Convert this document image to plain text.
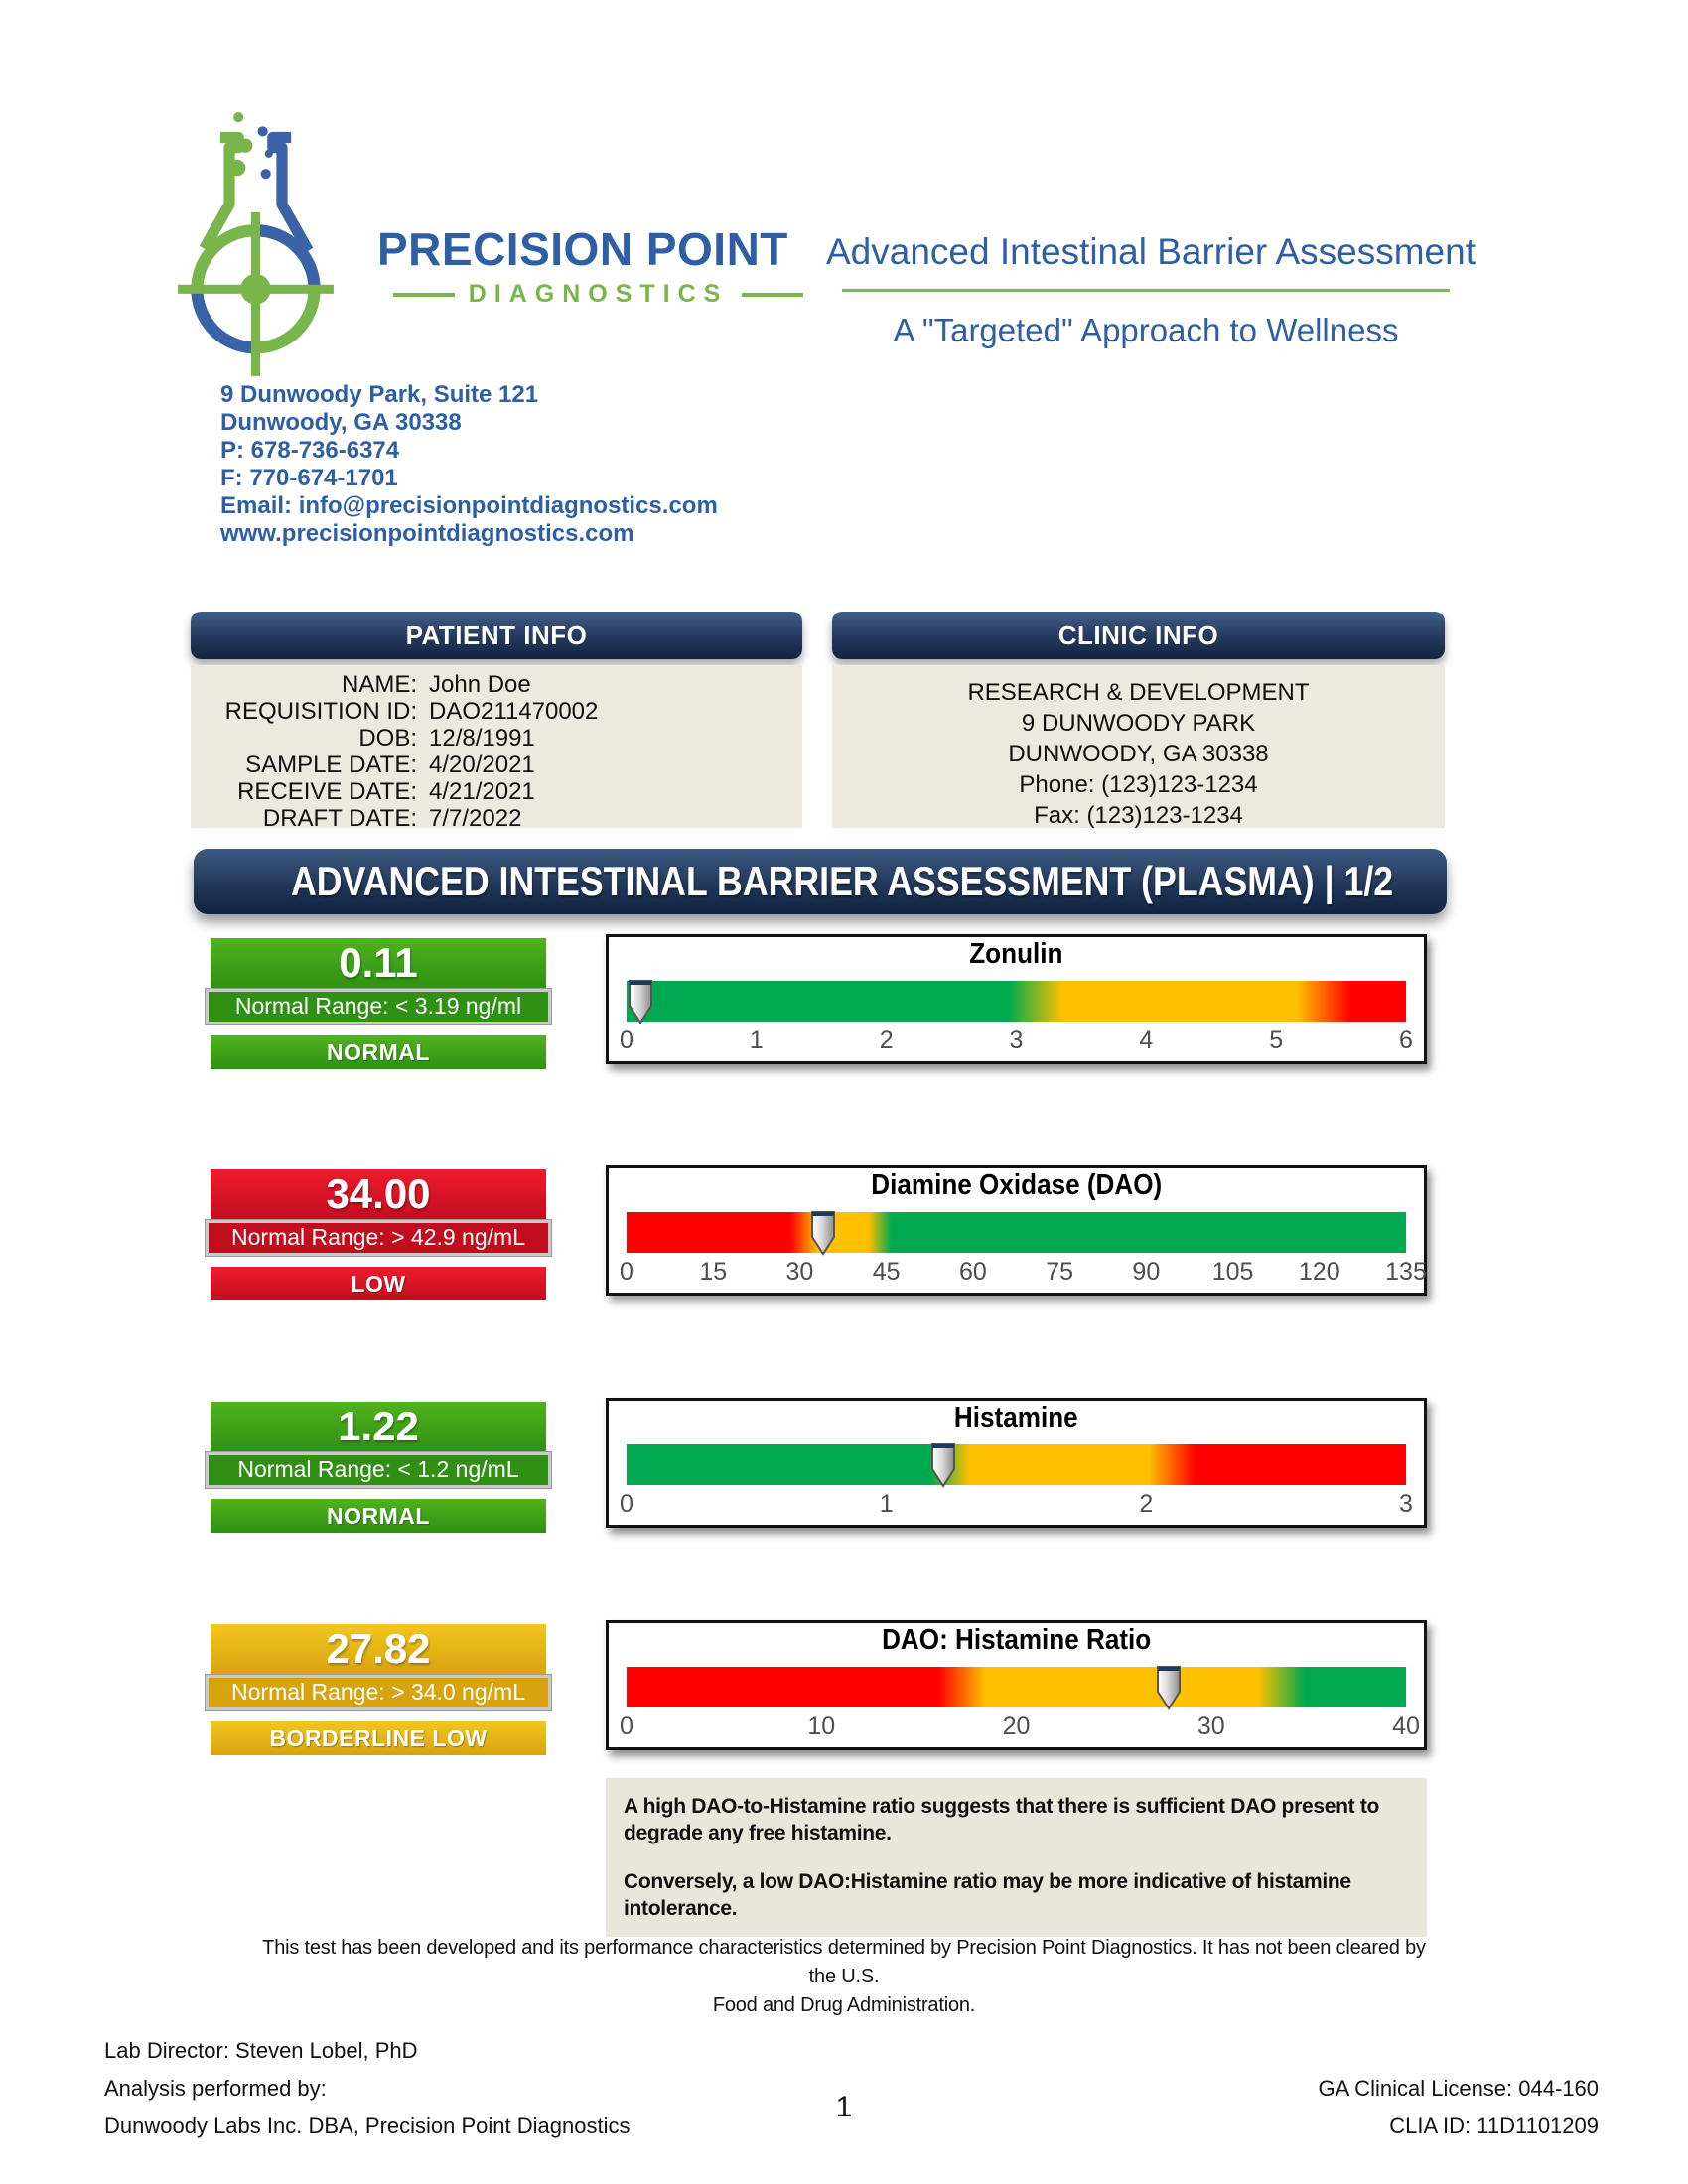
PRECISION POINT
DIAGNOSTICS
Advanced Intestinal Barrier Assessment
A "Targeted" Approach to Wellness
9 Dunwoody Park, Suite 121
Dunwoody, GA 30338
P: 678-736-6374
F: 770-674-1701
Email: info@precisionpointdiagnostics.com
www.precisionpointdiagnostics.com
PATIENT INFO
NAME: John Doe
REQUISITION ID: DAO211470002
DOB: 12/8/1991
SAMPLE DATE: 4/20/2021
RECEIVE DATE: 4/21/2021
DRAFT DATE: 7/7/2022
CLINIC INFO
RESEARCH & DEVELOPMENT
9 DUNWOODY PARK
DUNWOODY, GA 30338
Phone: (123)123-1234
Fax: (123)123-1234
ADVANCED INTESTINAL BARRIER ASSESSMENT (PLASMA) | 1/2
0.11
Normal Range: < 3.19 ng/ml
NORMAL
Zonulin
0	1	2	3	4	5	6
34.00
Normal Range: > 42.9 ng/mL
LOW
Diamine Oxidase (DAO)
0	15 30 45 60 75 90 105 120 135
1.22
Normal Range: < 1.2 ng/mL
NORMAL
Histamine
0	1	2	3
27.82
Normal Range: > 34.0 ng/mL
BORDERLINE LOW
DAO: Histamine Ratio
0	10	20	30	40

A high DAO-to-Histamine ratio suggests that there is sufficient DAO present to degrade any free histamine.

Conversely, a low DAO:Histamine ratio may be more indicative of histamine intolerance.

This test has been developed and its performance characteristics determined by Precision Point Diagnostics. It has not been cleared by the U.S.
Food and Drug Administration.
Lab Director: Steven Lobel, PhD
Analysis performed by:
Dunwoody Labs Inc. DBA, Precision Point Diagnostics
1
GA Clinical License: 044-160
CLIA ID: 11D1101209
